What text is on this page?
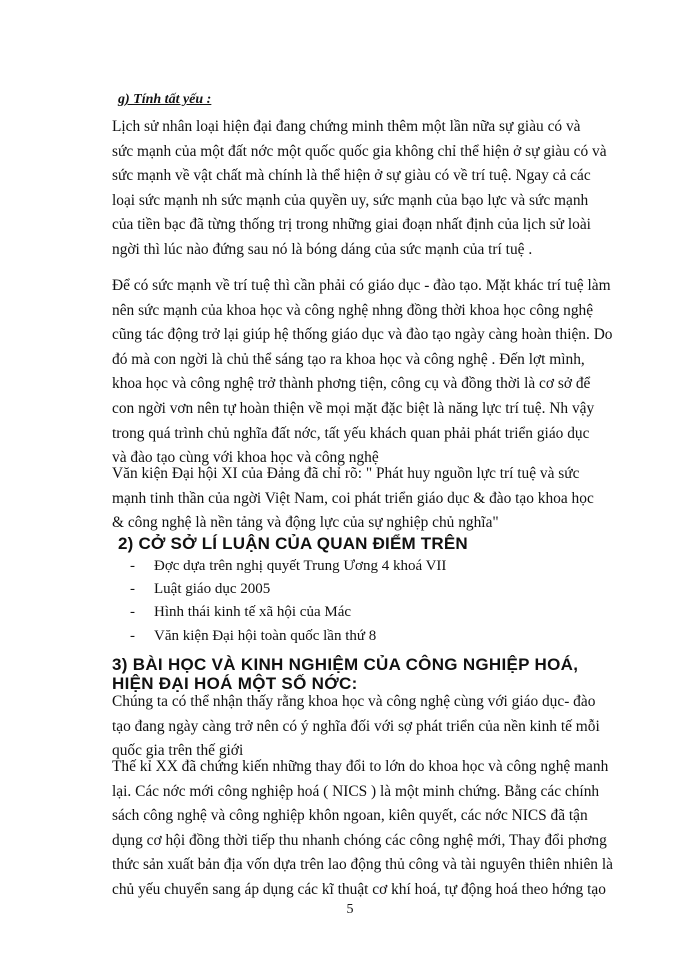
g) Tính tất yếu :
Lịch sử nhân loại hiện đại đang chứng minh thêm một lần nữa sự giàu có và
sức mạnh của một đất nớc một quốc quốc gia không chỉ thể hiện ở sự giàu có và
sức mạnh về vật chất mà chính là thể hiện ở sự giàu có về trí tuệ. Ngay cả các
loại sức mạnh nh sức mạnh của quyền uy, sức mạnh của bạo lực và sức mạnh
của tiền bạc đã từng thống trị trong những giai đoạn nhất định của lịch sử loài
ngời thì lúc nào đứng sau nó là bóng dáng của sức mạnh của trí tuệ .
Để có sức mạnh về trí tuệ thì cần phải có giáo dục - đào tạo. Mặt khác trí tuệ làm
nên sức mạnh của khoa học và công nghệ nhng đồng thời khoa học công nghệ
cũng tác động trở lại giúp hệ thống giáo dục và đào tạo ngày càng hoàn thiện. Do
đó mà con ngời là chủ thể sáng tạo ra khoa học và công nghệ . Đến lợt mình,
khoa học và công nghệ trở thành phơng tiện, công cụ và đồng thời là cơ sở để
con ngời vơn nên tự hoàn thiện về mọi mặt đặc biệt là năng lực trí tuệ. Nh vậy
trong quá trình chủ nghĩa đất nớc, tất yếu khách quan phải phát triển giáo dục
và đào tạo cùng với khoa học và công nghệ
Văn kiện Đại hội XI của Đảng đã chỉ rõ: " Phát huy nguồn lực trí tuệ và sức
mạnh tinh thần của ngời Việt Nam, coi phát triển giáo dục & đào tạo khoa học
& công nghệ là nền tảng và động lực của sự nghiệp chủ nghĩa"
2) CỞ SỞ LÍ LUẬN CỦA QUAN ĐIỂM TRÊN
- Đợc dựa trên nghị quyết Trung Ương 4 khoá VII
- Luật giáo dục 2005
- Hình thái kinh tế xã hội của Mác
- Văn kiện Đại hội toàn quốc lần thứ 8
3) BÀI HỌC VÀ KINH NGHIỆM CỦA CÔNG NGHIỆP HOÁ,
HIỆN ĐẠI HOÁ MỘT SỐ NỚC:
Chúng ta có thể nhận thấy rằng khoa học và công nghệ cùng với giáo dục- đào
tạo đang ngày càng trở nên có ý nghĩa đối với sợ phát triển của nền kinh tế mỗi
quốc gia trên thế giới
Thế kỉ XX đã chứng kiến những thay đổi to lớn do khoa học và công nghệ manh
lại. Các nớc mới công nghiệp hoá ( NICS ) là một minh chứng. Bằng các chính
sách công nghệ và công nghiệp khôn ngoan, kiên quyết, các nớc NICS đã tận
dụng cơ hội đồng thời tiếp thu nhanh chóng các công nghệ mới, Thay đổi phơng
thức sản xuất bản địa vốn dựa trên lao động thủ công và tài nguyên thiên nhiên là
chủ yếu chuyển sang áp dụng các kĩ thuật cơ khí hoá, tự động hoá theo hớng tạo
5
